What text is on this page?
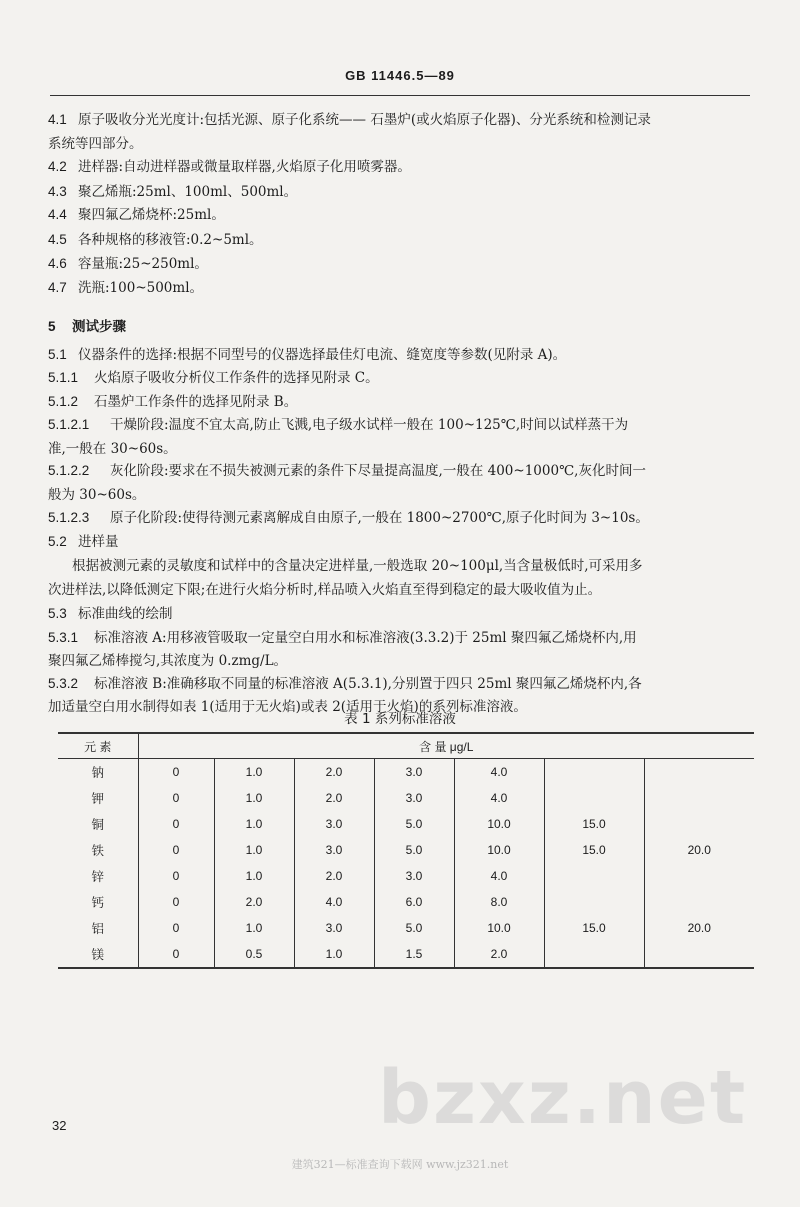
GB 11446.5—89
4.1 原子吸收分光光度计:包括光源、原子化系统—— 石墨炉(或火焰原子化器)、分光系统和检测记录
系统等四部分。
4.2 进样器:自动进样器或微量取样器,火焰原子化用喷雾器。
4.3 聚乙烯瓶:25ml、100ml、500ml。
4.4 聚四氟乙烯烧杯:25ml。
4.5 各种规格的移液管:0.2~5ml。
4.6 容量瓶:25~250ml。
4.7 洗瓶:100~500ml。
5 测试步骤
5.1 仪器条件的选择:根据不同型号的仪器选择最佳灯电流、缝宽度等参数(见附录 A)。
5.1.1 火焰原子吸收分析仪工作条件的选择见附录 C。
5.1.2 石墨炉工作条件的选择见附录 B。
5.1.2.1 干燥阶段:温度不宜太高,防止飞溅,电子级水试样一般在 100~125℃,时间以试样蒸干为
准,一般在 30~60s。
5.1.2.2 灰化阶段:要求在不损失被测元素的条件下尽量提高温度,一般在 400~1000℃,灰化时间一
般为 30~60s。
5.1.2.3 原子化阶段:使得待测元素离解成自由原子,一般在 1800~2700℃,原子化时间为 3~10s。
5.2 进样量
根据被测元素的灵敏度和试样中的含量决定进样量,一般选取 20~100μl,当含量极低时,可采用多
次进样法,以降低测定下限;在进行火焰分析时,样品喷入火焰直至得到稳定的最大吸收值为止。
5.3 标准曲线的绘制
5.3.1 标准溶液 A:用移液管吸取一定量空白用水和标准溶液(3.3.2)于 25ml 聚四氟乙烯烧杯内,用
聚四氟乙烯棒搅匀,其浓度为 0.zmg/L。
5.3.2 标准溶液 B:准确移取不同量的标准溶液 A(5.3.1),分别置于四只 25ml 聚四氟乙烯烧杯内,各
加适量空白用水制得如表 1(适用于无火焰)或表 2(适用于火焰)的系列标准溶液。
表 1 系列标准溶液
元 素	含 量 μg/L						
钠	0	1.0	2.0	3.0	4.0		
钾	0	1.0	2.0	3.0	4.0		
铜	0	1.0	3.0	5.0	10.0	15.0	
铁	0	1.0	3.0	5.0	10.0	15.0	20.0
锌	0	1.0	2.0	3.0	4.0		
钙	0	2.0	4.0	6.0	8.0		
铝	0	1.0	3.0	5.0	10.0	15.0	20.0
镁	0	0.5	1.0	1.5	2.0		
32	bzxz.net
建筑321—标准查询下载网 www.jz321.net
